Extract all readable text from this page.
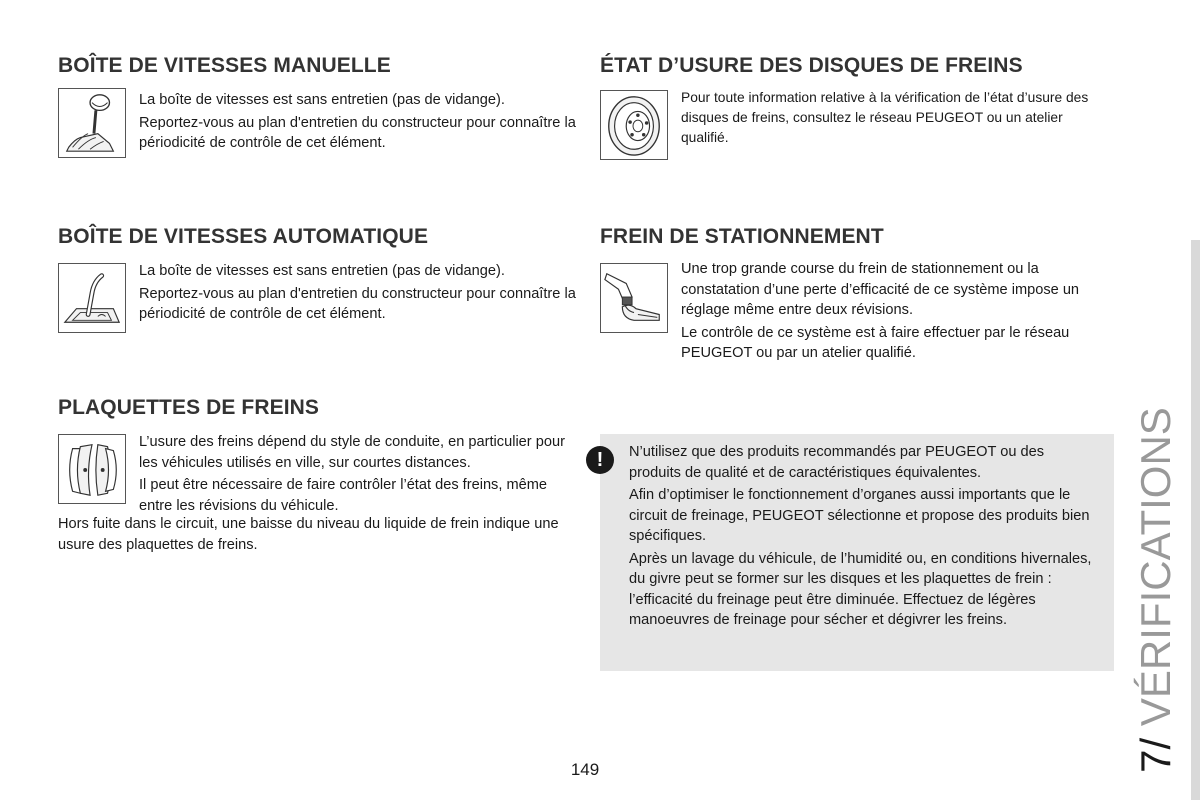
BOÎTE DE VITESSES MANUELLE

La boîte de vitesses est sans entretien (pas de vidange).

Reportez-vous au plan d'entretien du constructeur pour connaître la périodicité de contrôle de cet élément.

BOÎTE DE VITESSES AUTOMATIQUE

La boîte de vitesses est sans entretien (pas de vidange).

Reportez-vous au plan d'entretien du constructeur pour connaître la périodicité de contrôle de cet élément.

PLAQUETTES DE FREINS

L’usure des freins dépend du style de conduite, en particulier pour les véhicules utilisés en ville, sur courtes distances.

Il peut être nécessaire de faire contrôler l’état des freins, même entre les révisions du véhicule.

Hors fuite dans le circuit, une baisse du niveau du liquide de frein indique une usure des plaquettes de freins.

ÉTAT D’USURE DES DISQUES DE FREINS

Pour toute information relative à la vérification de l’état d’usure des disques de freins, consultez le réseau PEUGEOT ou un atelier qualifié.

FREIN DE STATIONNEMENT

Une trop grande course du frein de stationnement ou la constatation d’une perte d’efficacité de ce système impose un réglage même entre deux révisions.

Le contrôle de ce système est à faire effectuer par le réseau PEUGEOT ou par un atelier qualifié.

!	N’utilisez que des produits recommandés par PEUGEOT ou des produits de qualité et de caractéristiques équivalentes.

Afin d’optimiser le fonctionnement d’organes aussi importants que le circuit de freinage, PEUGEOT sélectionne et propose des produits bien spécifiques.

Après un lavage du véhicule, de l’humidité ou, en conditions hivernales, du givre peut se former sur les disques et les plaquettes de frein : l’efficacité du freinage peut être diminuée. Effectuez de légères manoeuvres de freinage pour sécher et dégivrer les freins.

7/ VÉRIFICATIONS
149
